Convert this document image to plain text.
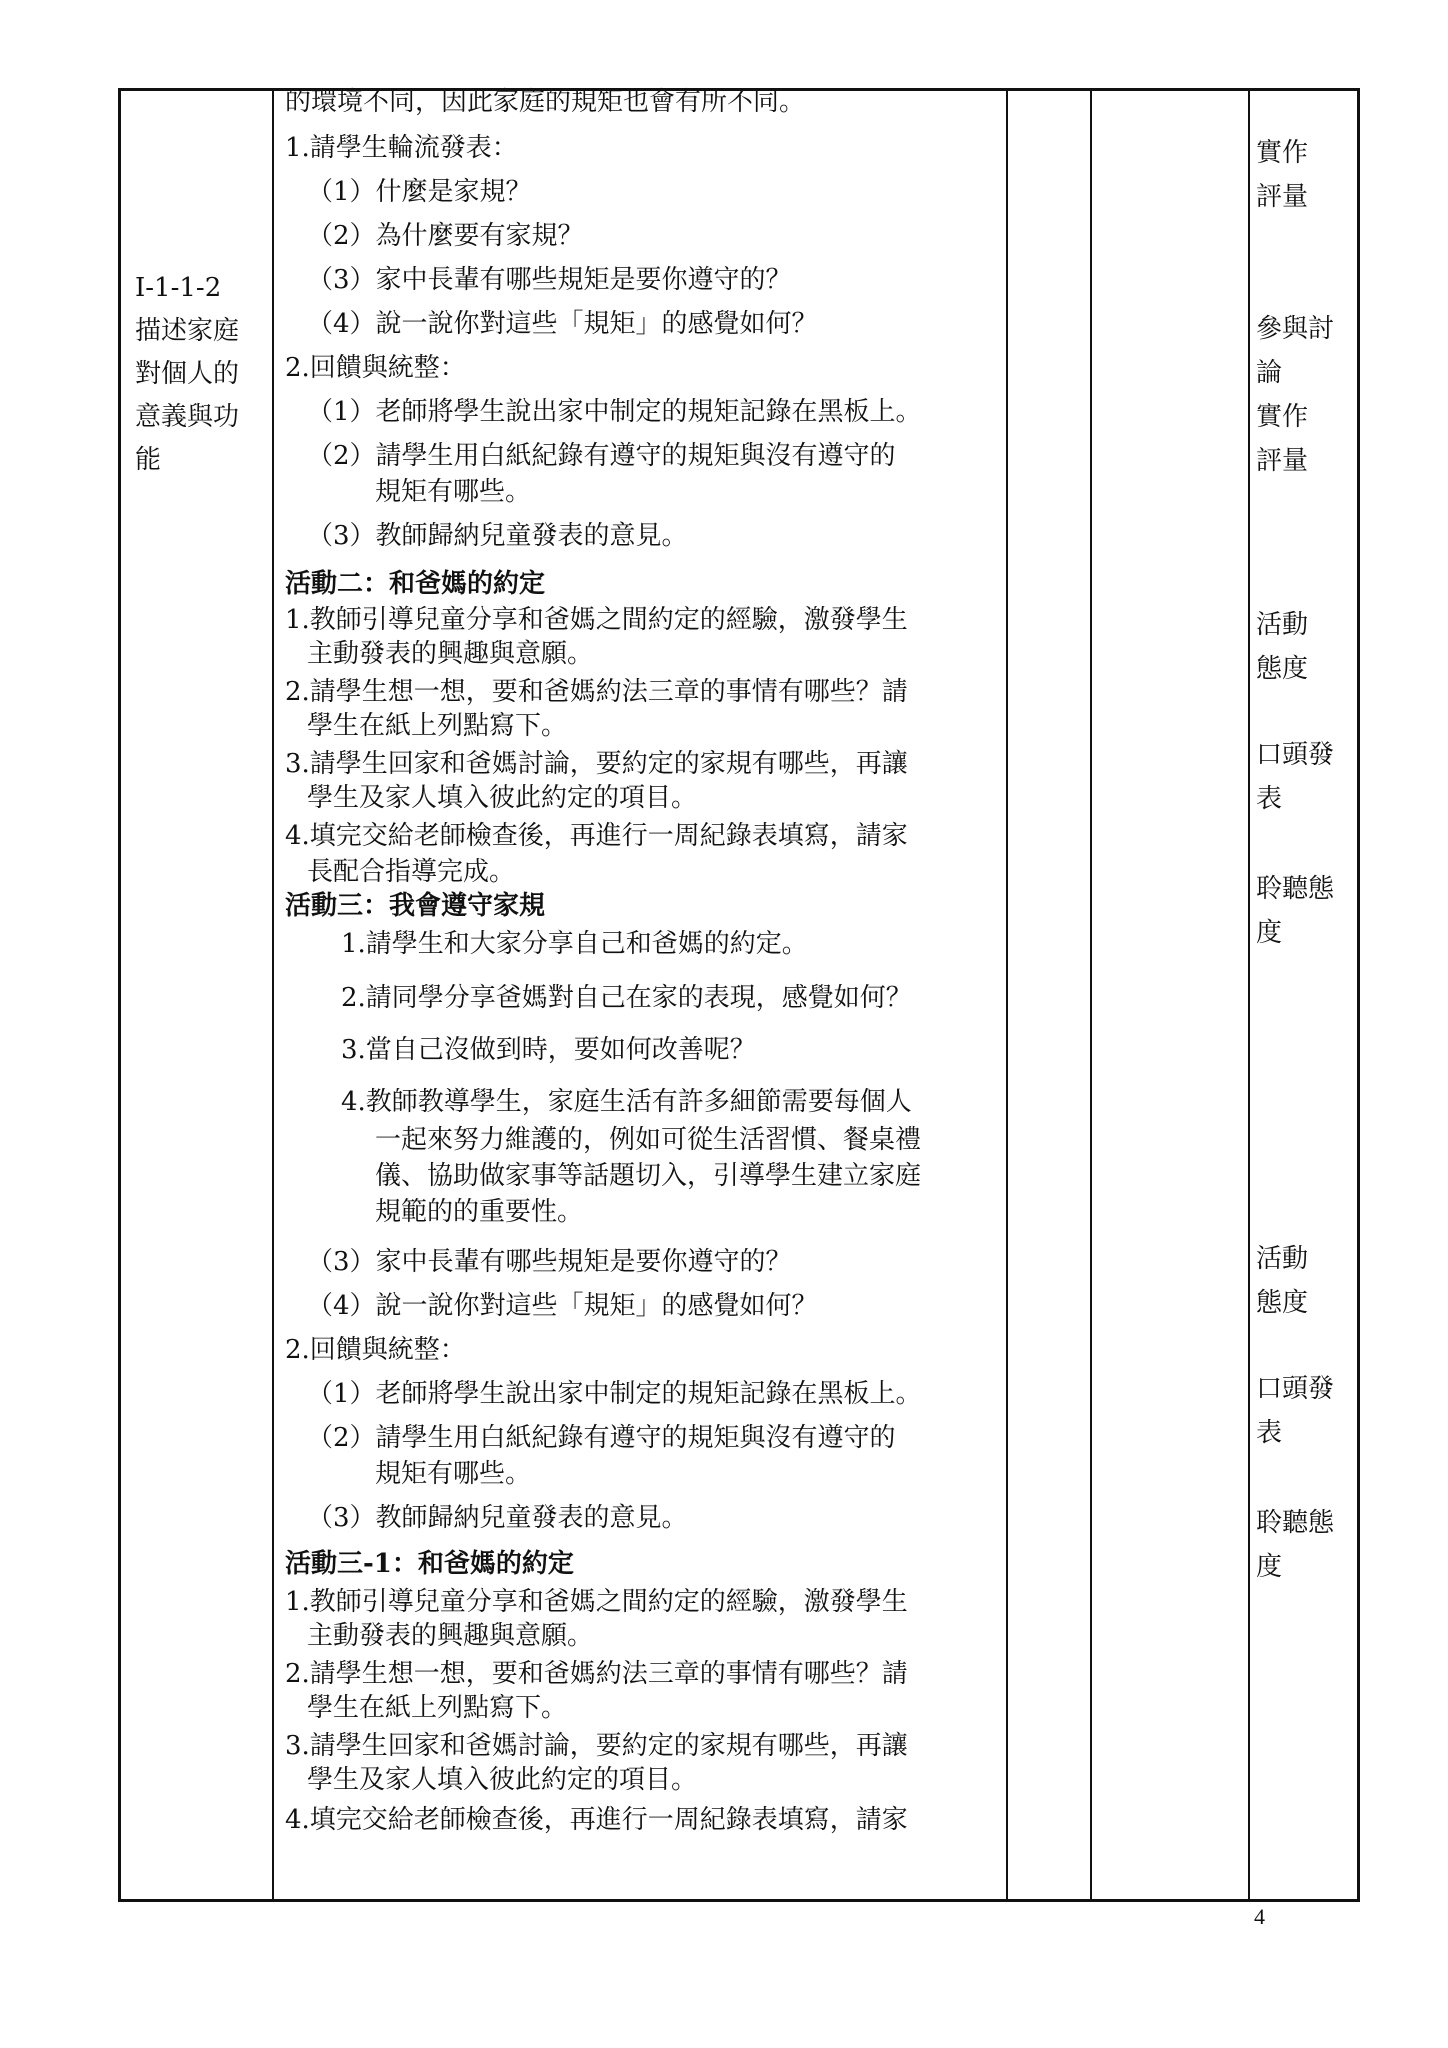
I-1-1-2
描述家庭
對個人的
意義與功
能
的環境不同，因此家庭的規矩也會有所不同。
1.請學生輪流發表：
（1）什麼是家規？
（2）為什麼要有家規？
（3）家中長輩有哪些規矩是要你遵守的？
（4）說一說你對這些「規矩」的感覺如何？
2.回饋與統整：
（1）老師將學生說出家中制定的規矩記錄在黑板上。
（2）請學生用白紙紀錄有遵守的規矩與沒有遵守的
規矩有哪些。
（3）教師歸納兒童發表的意見。
活動二：和爸媽的約定
1.教師引導兒童分享和爸媽之間約定的經驗，激發學生
主動發表的興趣與意願。
2.請學生想一想，要和爸媽約法三章的事情有哪些？請
學生在紙上列點寫下。
3.請學生回家和爸媽討論，要約定的家規有哪些，再讓
學生及家人填入彼此約定的項目。
4.填完交給老師檢查後，再進行一周紀錄表填寫，請家
長配合指導完成。
活動三：我會遵守家規
1.請學生和大家分享自己和爸媽的約定。
2.請同學分享爸媽對自己在家的表現，感覺如何？
3.當自己沒做到時，要如何改善呢？
4.教師教導學生，家庭生活有許多細節需要每個人
一起來努力維護的，例如可從生活習慣、餐桌禮
儀、協助做家事等話題切入，引導學生建立家庭
規範的的重要性。
（3）家中長輩有哪些規矩是要你遵守的？
（4）說一說你對這些「規矩」的感覺如何？
2.回饋與統整：
（1）老師將學生說出家中制定的規矩記錄在黑板上。
（2）請學生用白紙紀錄有遵守的規矩與沒有遵守的
規矩有哪些。
（3）教師歸納兒童發表的意見。
活動三-1：和爸媽的約定
1.教師引導兒童分享和爸媽之間約定的經驗，激發學生
主動發表的興趣與意願。
2.請學生想一想，要和爸媽約法三章的事情有哪些？請
學生在紙上列點寫下。
3.請學生回家和爸媽討論，要約定的家規有哪些，再讓
學生及家人填入彼此約定的項目。
4.填完交給老師檢查後，再進行一周紀錄表填寫，請家
實作
評量
參與討
論
實作
評量
活動
態度
口頭發
表
聆聽態
度
活動
態度
口頭發
表
聆聽態
度
4
